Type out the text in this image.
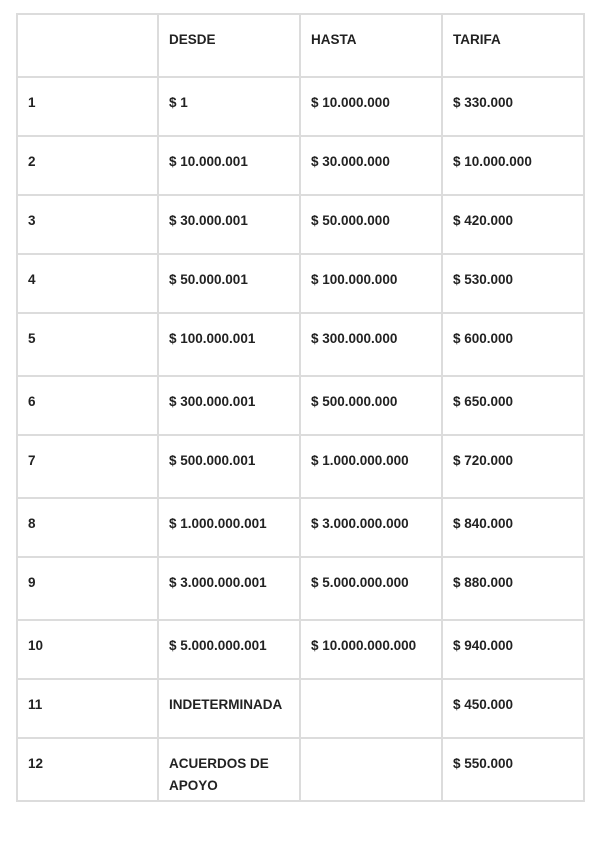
	DESDE	HASTA	TARIFA
1	$ 1	$ 10.000.000	$ 330.000
2	$ 10.000.001	$ 30.000.000	$ 10.000.000
3	$ 30.000.001	$ 50.000.000	$ 420.000
4	$ 50.000.001	$ 100.000.000	$ 530.000
5	$ 100.000.001	$ 300.000.000	$ 600.000
6	$ 300.000.001	$ 500.000.000	$ 650.000
7	$ 500.000.001	$ 1.000.000.000	$ 720.000
8	$ 1.000.000.001	$ 3.000.000.000	$ 840.000
9	$ 3.000.000.001	$ 5.000.000.000	$ 880.000
10	$ 5.000.000.001	$ 10.000.000.000	$ 940.000
11	INDETERMINADA		$ 450.000
12	ACUERDOS DE APOYO		$ 550.000
